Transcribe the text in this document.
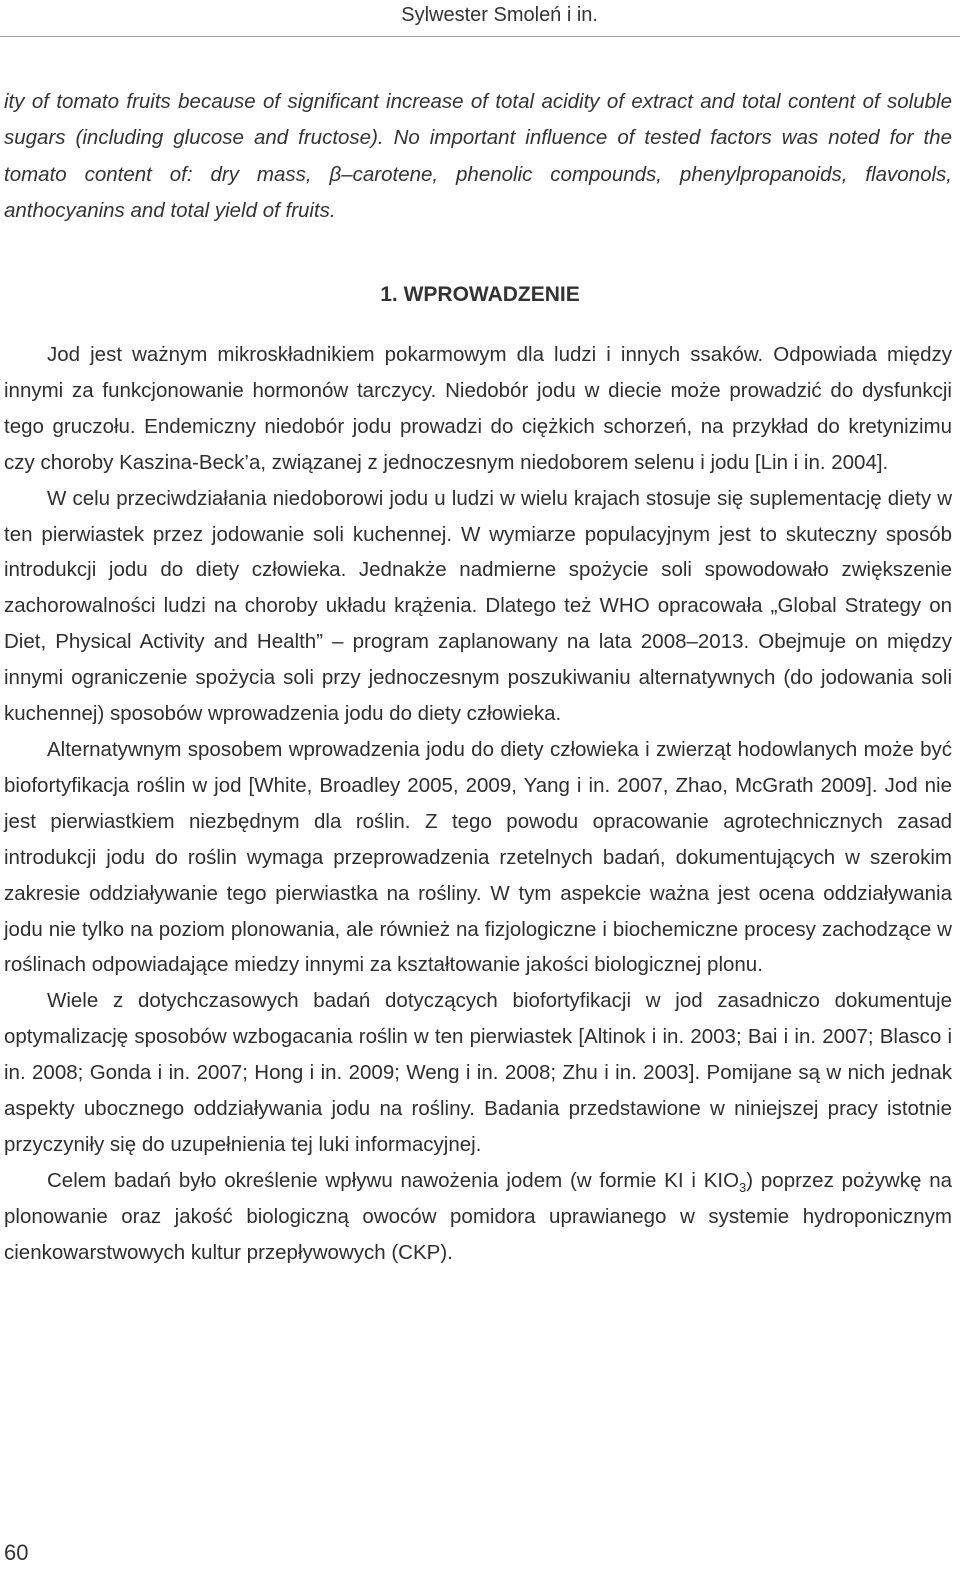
Sylwester Smoleń i in.

ity of tomato fruits because of significant increase of total acidity of extract and total content of soluble sugars (including glucose and fructose). No important influence of tested factors was noted for the tomato content of: dry mass, β–carotene, phenolic compounds, phenylpropanoids, flavonols, anthocyanins and total yield of fruits.

1. WPROWADZENIE

Jod jest ważnym mikroskładnikiem pokarmowym dla ludzi i innych ssaków. Odpowiada między innymi za funkcjonowanie hormonów tarczycy. Niedobór jodu w diecie może prowadzić do dysfunkcji tego gruczołu. Endemiczny niedobór jodu prowadzi do ciężkich schorzeń, na przykład do kretynizimu czy choroby Kaszina-Beck’a, związanej z jednoczesnym niedoborem selenu i jodu [Lin i in. 2004].

W celu przeciwdziałania niedoborowi jodu u ludzi w wielu krajach stosuje się suplementację diety w ten pierwiastek przez jodowanie soli kuchennej. W wymiarze populacyjnym jest to skuteczny sposób introdukcji jodu do diety człowieka. Jednakże nadmierne spożycie soli spowodowało zwiększenie zachorowalności ludzi na choroby układu krążenia. Dlatego też WHO opracowała „Global Strategy on Diet, Physical Activity and Health” – program zaplanowany na lata 2008–2013. Obejmuje on między innymi ograniczenie spożycia soli przy jednoczesnym poszukiwaniu alternatywnych (do jodowania soli kuchennej) sposobów wprowadzenia jodu do diety człowieka.

Alternatywnym sposobem wprowadzenia jodu do diety człowieka i zwierząt hodowlanych może być biofortyfikacja roślin w jod [White, Broadley 2005, 2009, Yang i in. 2007, Zhao, McGrath 2009]. Jod nie jest pierwiastkiem niezbędnym dla roślin. Z tego powodu opracowanie agrotechnicznych zasad introdukcji jodu do roślin wymaga przeprowadzenia rzetelnych badań, dokumentujących w szerokim zakresie oddziaływanie tego pierwiastka na rośliny. W tym aspekcie ważna jest ocena oddziaływania jodu nie tylko na poziom plonowania, ale również na fizjologiczne i biochemiczne procesy zachodzące w roślinach odpowiadające miedzy innymi za kształtowanie jakości biologicznej plonu.

Wiele z dotychczasowych badań dotyczących biofortyfikacji w jod zasadniczo dokumentuje optymalizację sposobów wzbogacania roślin w ten pierwiastek [Altinok i in. 2003; Bai i in. 2007; Blasco i in. 2008; Gonda i in. 2007; Hong i in. 2009; Weng i in. 2008; Zhu i in. 2003]. Pomijane są w nich jednak aspekty ubocznego oddziaływania jodu na rośliny. Badania przedstawione w niniejszej pracy istotnie przyczyniły się do uzupełnienia tej luki informacyjnej.

Celem badań było określenie wpływu nawożenia jodem (w formie KI i $KIO_3$) poprzez pożywkę na plonowanie oraz jakość biologiczną owoców pomidora uprawianego w systemie hydroponicznym cienkowarstwowych kultur przepływowych (CKP).

60
